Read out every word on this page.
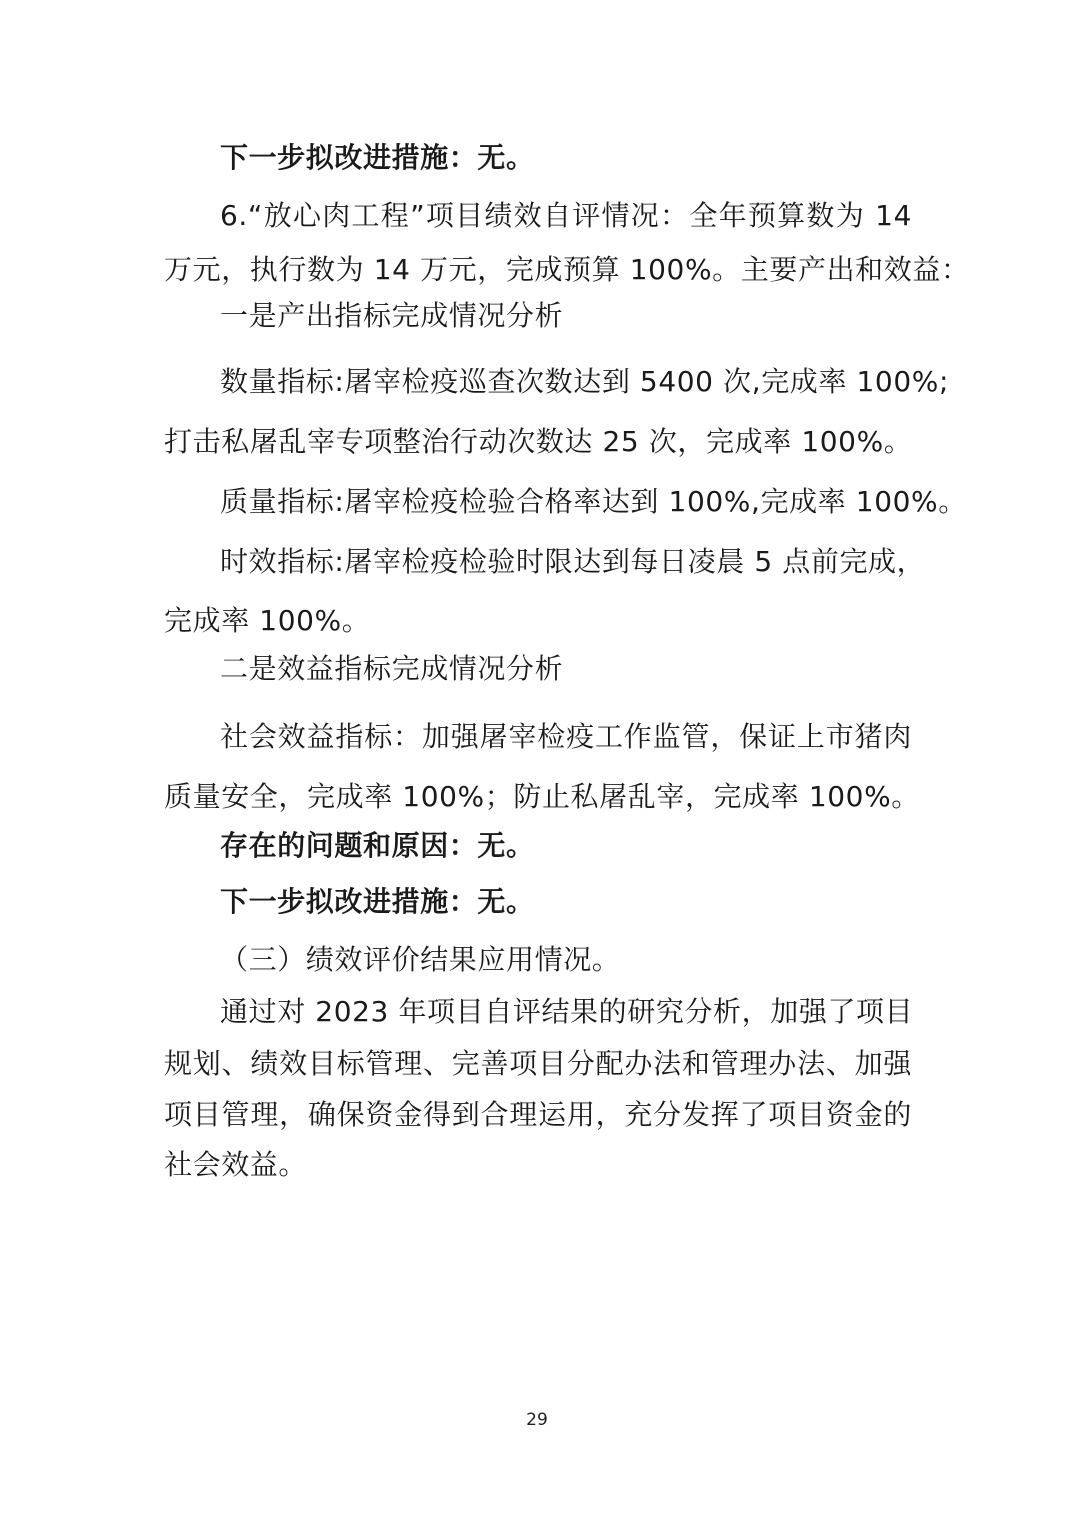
下一步拟改进措施：无。
6.“放心肉工程”项目绩效自评情况：全年预算数为 14
万元，执行数为 14 万元，完成预算 100%。主要产出和效益：
一是产出指标完成情况分析
数量指标:屠宰检疫巡查次数达到 5400 次,完成率 100%;
打击私屠乱宰专项整治行动次数达 25 次，完成率 100%。
质量指标:屠宰检疫检验合格率达到 100%,完成率 100%。
时效指标:屠宰检疫检验时限达到每日凌晨 5 点前完成，
完成率 100%。
二是效益指标完成情况分析
社会效益指标：加强屠宰检疫工作监管，保证上市猪肉
质量安全，完成率 100%；防止私屠乱宰，完成率 100%。
存在的问题和原因：无。
下一步拟改进措施：无。
（三）绩效评价结果应用情况。
通过对 2023 年项目自评结果的研究分析，加强了项目
规划、绩效目标管理、完善项目分配办法和管理办法、加强
项目管理，确保资金得到合理运用，充分发挥了项目资金的
社会效益。
29
